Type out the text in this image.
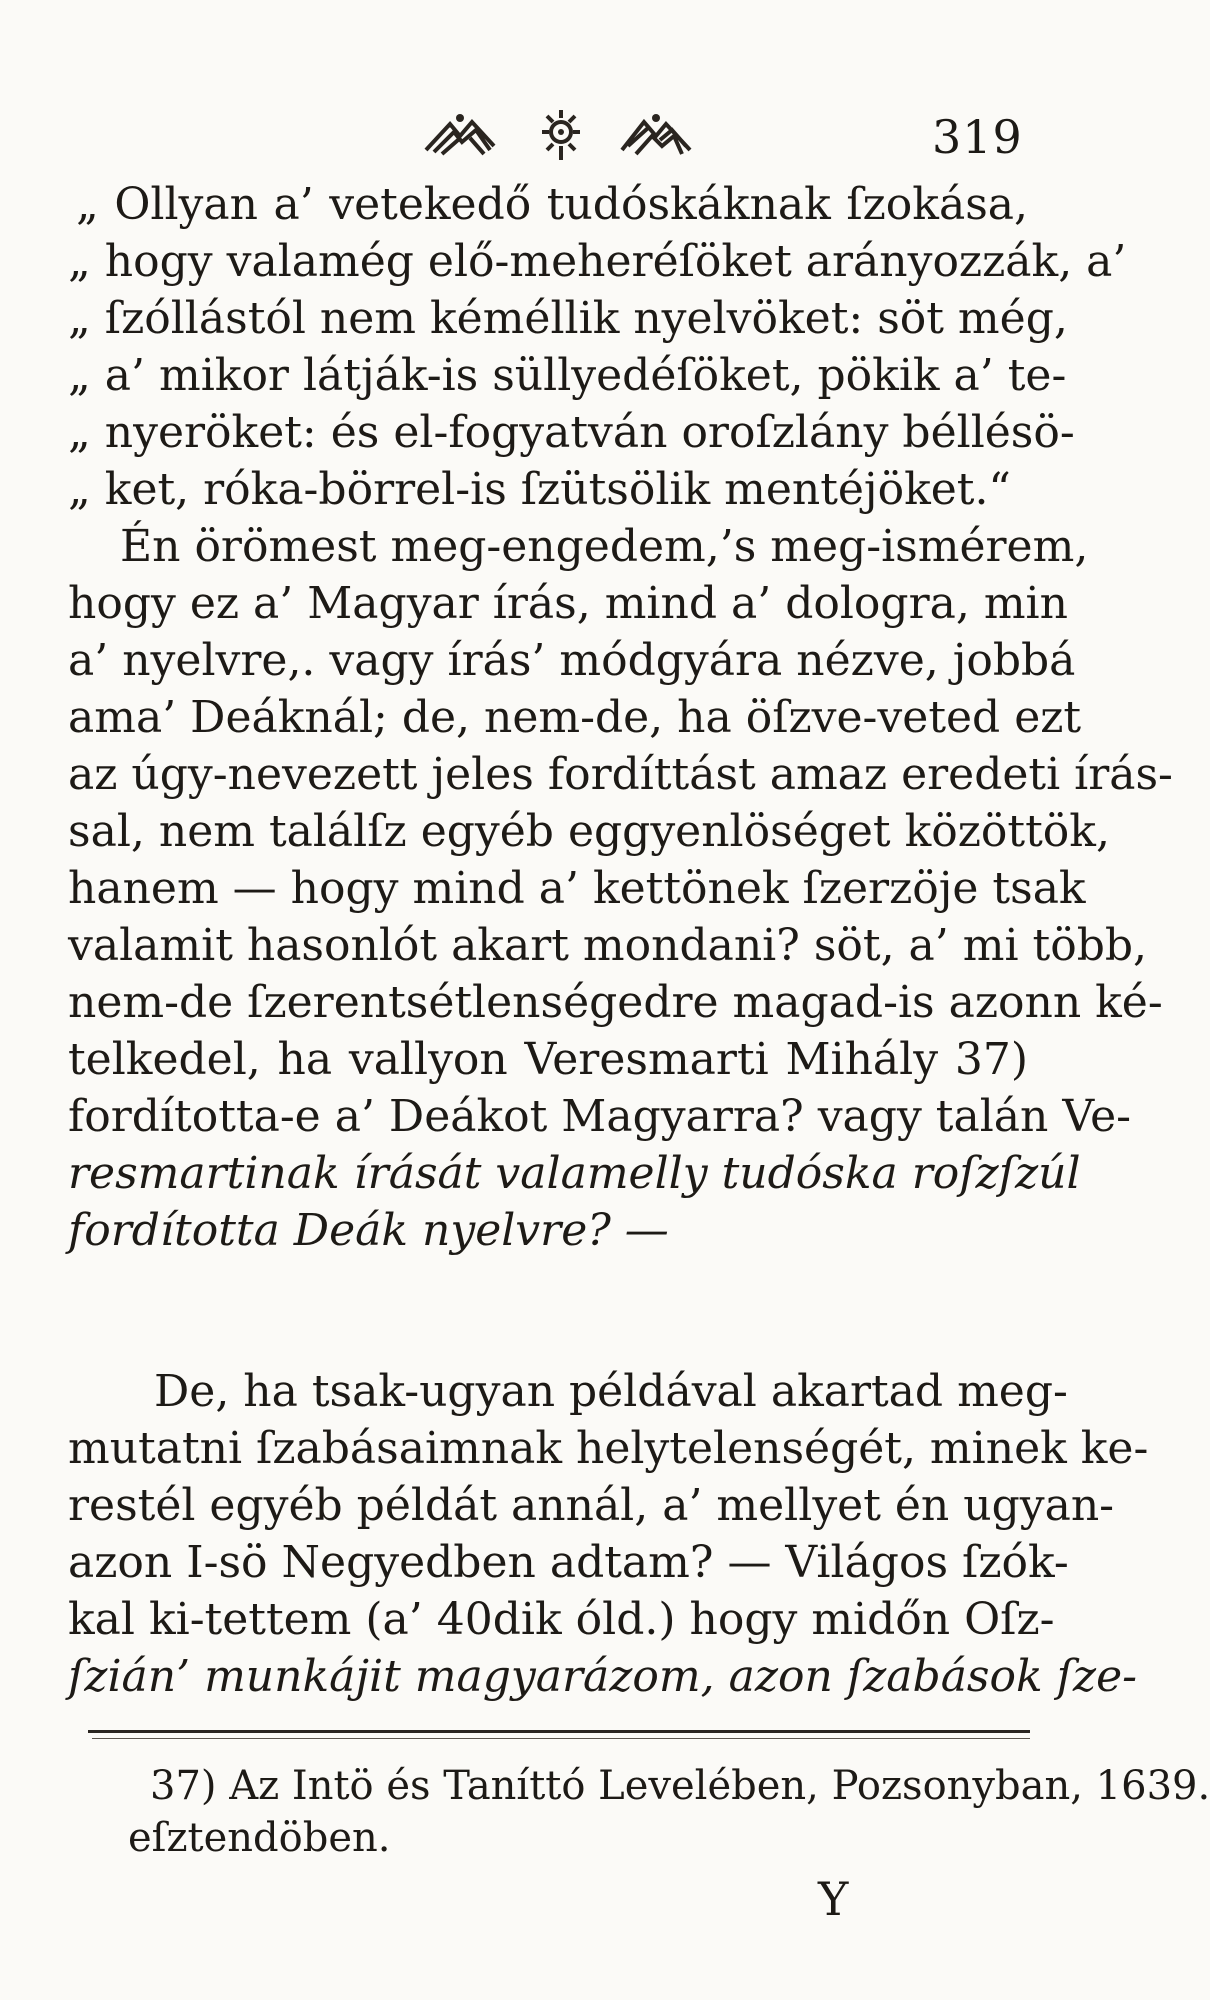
319
„ Ollyan a’ vetekedő tudóskáknak ſzokása,
„ hogy valamég elő-meheréſöket arányozzák, a’
„ ſzóllástól nem kéméllik nyelvöket: söt még,
„ a’ mikor látják-is süllyedéſöket, pökik a’ te-
„ nyeröket: és el-fogyatván oroſzlány béllésö-
„ ket, róka-börrel-is ſzütsölik mentéjöket.“
Én örömest meg-engedem,’s meg-ismérem,
hogy ez a’ Magyar írás, mind a’ dologra, min
a’ nyelvre,. vagy írás’ módgyára nézve, jobbá
ama’ Deáknál; de, nem-de, ha öſzve-veted ezt
az úgy-nevezett jeles fordíttást amaz eredeti írás-
sal, nem találſz egyéb eggyenlöséget közöttök,
hanem — hogy mind a’ kettönek ſzerzöje tsak
valamit hasonlót akart mondani? söt, a’ mi több,
nem-de ſzerentsétlenségedre magad-is azonn ké-
telkedel, ha vallyon Veresmarti Mihály 37)
fordította-e a’ Deákot Magyarra? vagy talán Ve-
resmartinak írását valamelly tudóska roſzſzúl
fordította Deák nyelvre? —
De, ha tsak-ugyan példával akartad meg-
mutatni ſzabásaimnak helytelenségét, minek ke-
restél egyéb példát annál, a’ mellyet én ugyan-
azon I-sö Negyedben adtam? — Világos ſzók-
kal ki-tettem (a’ 40dik óld.) hogy midőn Oſz-
ſzián’ munkájit magyarázom, azon ſzabások ſze-
37) Az Intö és Taníttó Levelében, Pozsonyban, 1639.
eſztendöben.
Y
